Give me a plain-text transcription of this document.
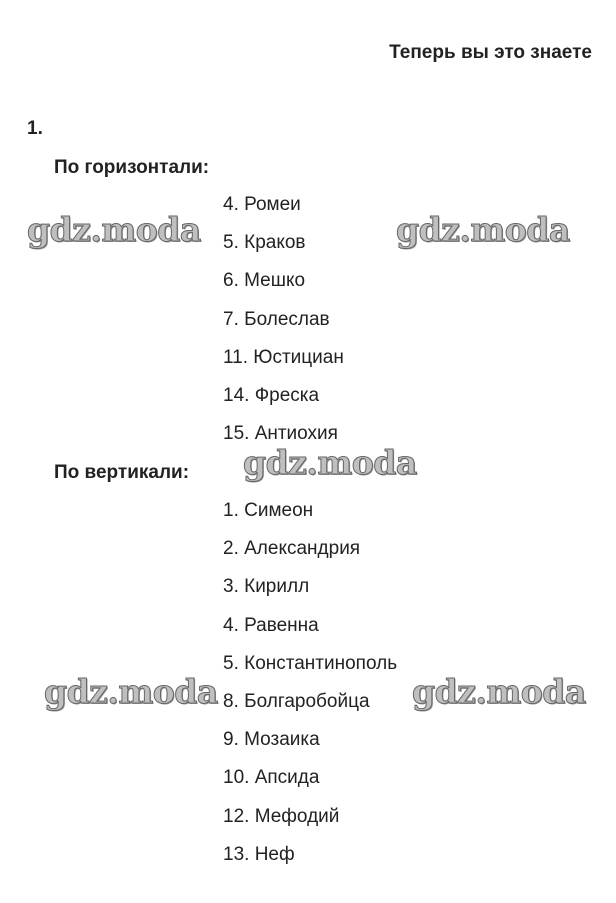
Теперь вы это знаете
1.
По горизонтали:
4. Ромеи
5. Краков
6. Мешко
7. Болеслав
11. Юстициан
14. Фреска
15. Антиохия
По вертикали:
1. Симеон
2. Александрия
3. Кирилл
4. Равенна
5. Константинополь
8. Болгаробойца
9. Мозаика
10. Апсида
12. Мефодий
13. Неф
gdz.moda	gdz.moda
gdz.moda
gdz.moda	gdz.moda
